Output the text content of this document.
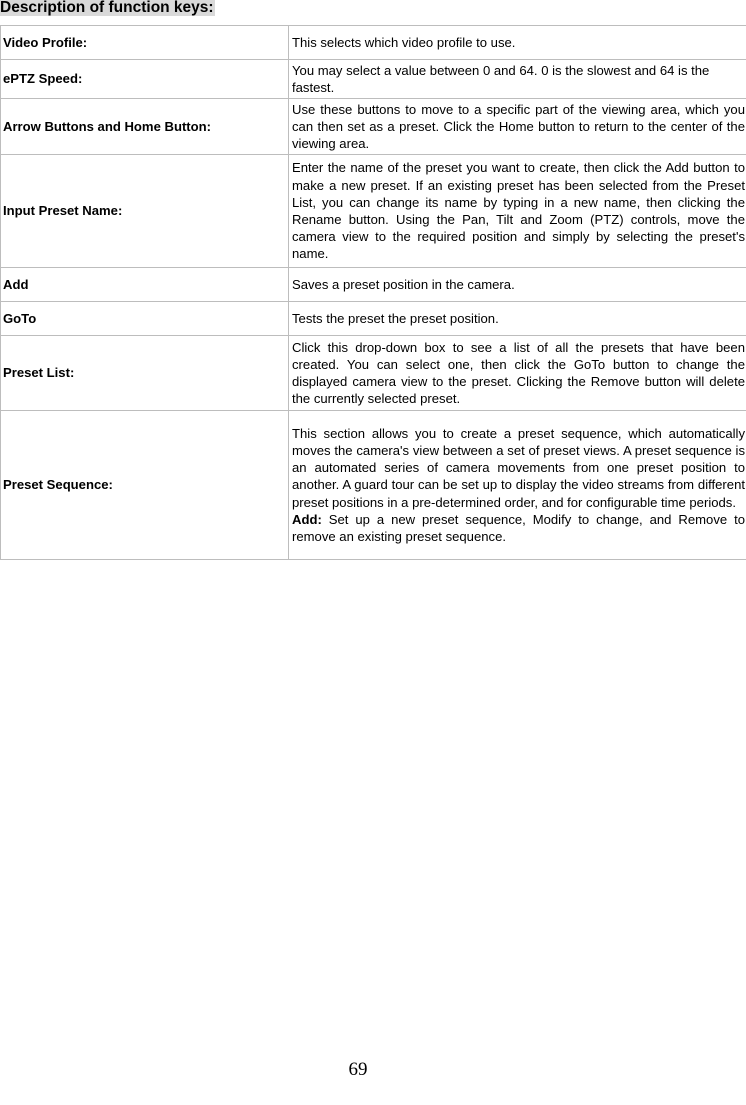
Description of function keys:
Video Profile:	This selects which video profile to use.
ePTZ Speed:	You may select a value between 0 and 64. 0 is the slowest and 64 is the fastest.
Arrow Buttons and Home Button:	Use these buttons to move to a specific part of the viewing area, which you can then set as a preset. Click the Home button to return to the center of the viewing area.
Input Preset Name:	Enter the name of the preset you want to create, then click the Add button to make a new preset. If an existing preset has been selected from the Preset List, you can change its name by typing in a new name, then clicking the Rename button. Using the Pan, Tilt and Zoom (PTZ) controls, move the camera view to the required position and simply by selecting the preset's name.
Add	Saves a preset position in the camera.
GoTo	Tests the preset the preset position.
Preset List:	Click this drop-down box to see a list of all the presets that have been created. You can select one, then click the GoTo button to change the displayed camera view to the preset. Clicking the Remove button will delete the currently selected preset.
Preset Sequence:	This section allows you to create a preset sequence, which automatically moves the camera's view between a set of preset views. A preset sequence is an automated series of camera movements from one preset position to another. A guard tour can be set up to display the video streams from different preset positions in a pre-determined order, and for configurable time periods.

Add: Set up a new preset sequence, Modify to change, and Remove to remove an existing preset sequence.

69
